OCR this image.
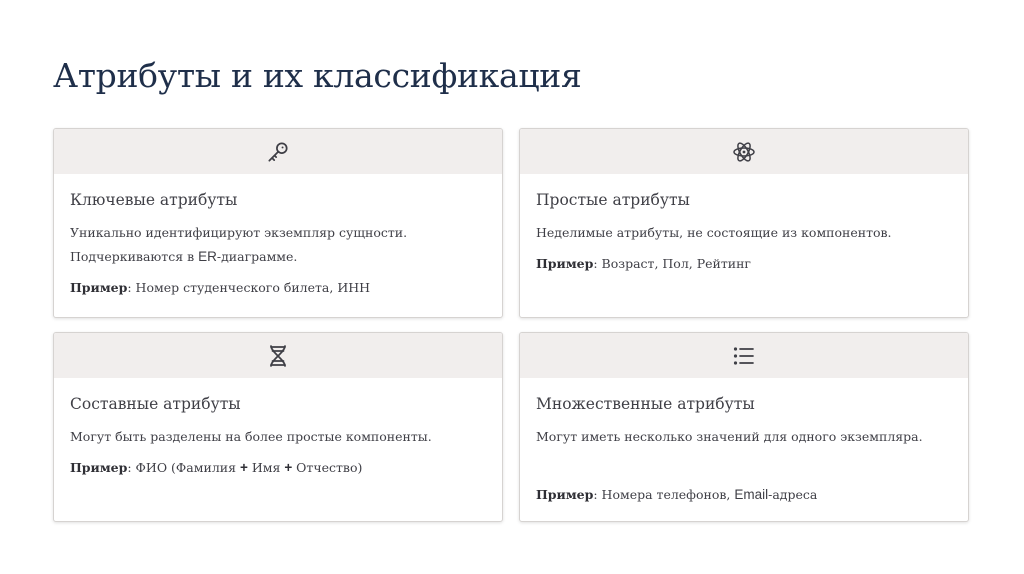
Атрибуты и их классификация
Ключевые атрибуты

Уникально идентифицируют экземпляр сущности.
Подчеркиваются в ER-диаграмме.

Пример: Номер студенческого билета, ИНН

Простые атрибуты

Неделимые атрибуты, не состоящие из компонентов.

Пример: Возраст, Пол, Рейтинг

Составные атрибуты

Могут быть разделены на более простые компоненты.

Пример: ФИО (Фамилия + Имя + Отчество)

Множественные атрибуты

Могут иметь несколько значений для одного экземпляра.

Пример: Номера телефонов, Email-адреса
